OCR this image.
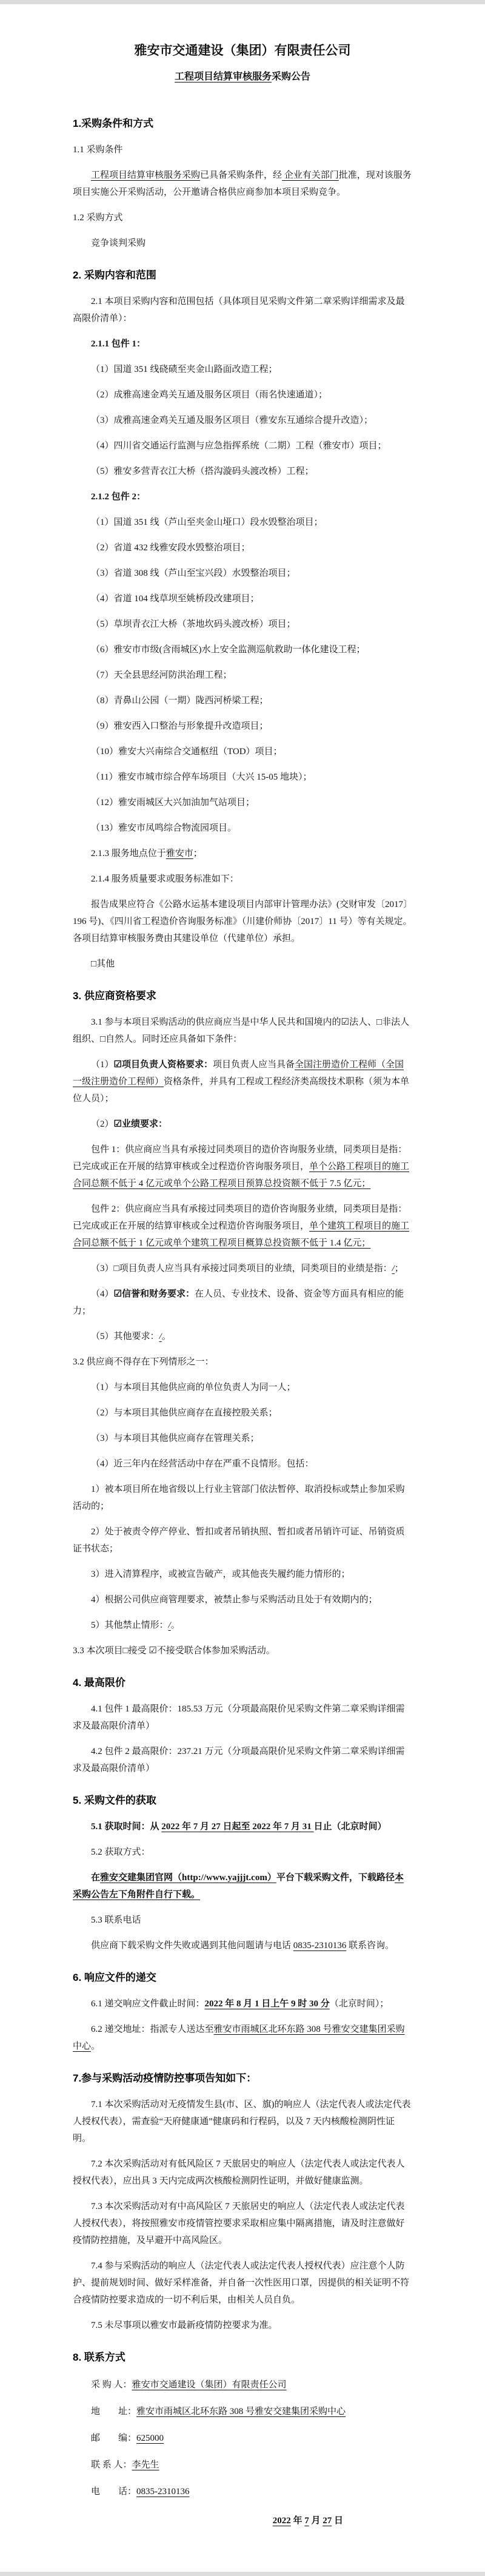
雅安市交通建设（集团）有限责任公司

工程项目结算审核服务采购公告

1.采购条件和方式

1.1 采购条件

工程项目结算审核服务采购已具备采购条件，经 企业有关部门批准，现对该服务项目实施公开采购活动，公开邀请合格供应商参加本项目采购竞争。

1.2 采购方式

竞争谈判采购

2. 采购内容和范围

2.1 本项目采购内容和范围包括（具体项目见采购文件第二章采购详细需求及最高限价清单）：

2.1.1 包件 1：

（1）国道 351 线硗碛至夹金山路面改造工程；

（2）成雅高速金鸡关互通及服务区项目（雨名快速通道）；

（3）成雅高速金鸡关互通及服务区项目（雅安东互通综合提升改造）；

（4）四川省交通运行监测与应急指挥系统（二期）工程（雅安市）项目；

（5）雅安多营青衣江大桥（搭沟漩码头渡改桥）工程；

2.1.2 包件 2：

（1）国道 351 线（芦山至夹金山垭口）段水毁整治项目；

（2）省道 432 线雅安段水毁整治项目；

（3）省道 308 线（芦山至宝兴段）水毁整治项目；

（4）省道 104 线草坝至姚桥段改建项目；

（5）草坝青衣江大桥（茶地坎码头渡改桥）项目；

（6）雅安市市级(含雨城区)水上安全监测巡航救助一体化建设工程；

（7）天全县思经河防洪治理工程；

（8）青鼻山公园（一期）陇西河桥梁工程；

（9）雅安西入口整治与形象提升改造项目；

（10）雅安大兴南综合交通枢纽（TOD）项目；

（11）雅安市城市综合停车场项目（大兴 15-05 地块）；

（12）雅安雨城区大兴加油加气站项目；

（13）雅安市凤鸣综合物流园项目。

2.1.3 服务地点位于雅安市；

2.1.4 服务质量要求或服务标准如下：

报告成果应符合《公路水运基本建设项目内部审计管理办法》(交财审发〔2017〕196 号)、《四川省工程造价咨询服务标准》（川建价师协〔2017〕11 号）等有关规定。各项目结算审核服务费由其建设单位（代建单位）承担。

□其他

3. 供应商资格要求

3.1 参与本项目采购活动的供应商应当是中华人民共和国境内的☑法人、□非法人组织、□自然人。同时还应具备如下条件：

（1）☑项目负责人资格要求：项目负责人应当具备全国注册造价工程师（全国一级注册造价工程师）资格条件，并具有工程或工程经济类高级技术职称（须为本单位人员）；

（2）☑业绩要求：

包件 1：供应商应当具有承接过同类项目的造价咨询服务业绩，同类项目是指：已完成或正在开展的结算审核或全过程造价咨询服务项目，单个公路工程项目的施工合同总额不低于 4 亿元或单个公路工程项目预算总投资额不低于 7.5 亿元；

包件 2：供应商应当具有承接过同类项目的造价咨询服务业绩，同类项目是指：已完成或正在开展的结算审核或全过程造价咨询服务项目，单个建筑工程项目的施工合同总额不低于 1 亿元或单个建筑工程项目概算总投资额不低于 1.4 亿元；

（3）□项目负责人应当具有承接过同类项目的业绩，同类项目的业绩是指：/；

（4）☑信誉和财务要求：在人员、专业技术、设备、资金等方面具有相应的能力；

（5）其他要求：/。

3.2 供应商不得存在下列情形之一：

（1）与本项目其他供应商的单位负责人为同一人；

（2）与本项目其他供应商存在直接控股关系；

（3）与本项目其他供应商存在管理关系；

（4）近三年内在经营活动中存在严重不良情形。包括：

1）被本项目所在地省级以上行业主管部门依法暂停、取消投标或禁止参加采购活动的；

2）处于被责令停产停业、暂扣或者吊销执照、暂扣或者吊销许可证、吊销资质证书状态；

3）进入清算程序，或被宣告破产，或其他丧失履约能力情形的；

4）根据公司供应商管理要求，被禁止参与采购活动且处于有效期内的；

5）其他禁止情形：/。

3.3 本次项目□接受 ☑不接受联合体参加采购活动。

4. 最高限价

4.1 包件 1 最高限价：185.53 万元（分项最高限价见采购文件第二章采购详细需求及最高限价清单）

4.2 包件 2 最高限价：237.21 万元（分项最高限价见采购文件第二章采购详细需求及最高限价清单）

5. 采购文件的获取

5.1 获取时间：从 2022 年 7 月 27 日起至 2022 年 7 月 31 日止（北京时间）

5.2 获取方式：

在雅安交建集团官网（http://www.yajjjt.com）平台下载采购文件，下载路径本采购公告左下角附件自行下载。

5.3 联系电话

供应商下载采购文件失败或遇到其他问题请与电话 0835-2310136 联系咨询。

6. 响应文件的递交

6.1 递交响应文件截止时间：2022 年 8 月 1 日上午 9 时 30 分（北京时间）；

6.2 递交地址：指派专人送达至雅安市雨城区北环东路 308 号雅安交建集团采购中心。

7.参与采购活动疫情防控事项告知如下：

7.1 本次采购活动对无疫情发生县(市、区、旗)的响应人（法定代表人或法定代表人授权代表），需查验“天府健康通”健康码和行程码，以及 7 天内核酸检测阴性证明。

7.2 本次采购活动对有低风险区 7 天旅居史的响应人（法定代表人或法定代表人授权代表），应出具 3 天内完成两次核酸检测阴性证明，并做好健康监测。

7.3 本次采购活动对有中高风险区 7 天旅居史的响应人（法定代表人或法定代表人授权代表），将按照雅安市疫情管控要求采取相应集中隔离措施，请及时注意做好疫情防控措施，及早避开中高风险区。

7.4 参与采购活动的响应人（法定代表人或法定代表人授权代表）应注意个人防护、提前规划时间、做好采样准备，并自备一次性医用口罩，因提供的相关证明不符合疫情防控要求造成的一切不利后果，由相关人员自负。

7.5 未尽事项以雅安市最新疫情防控要求为准。

8. 联系方式

采 购 人：雅安市交通建设（集团）有限责任公司

地　　址：雅安市雨城区北环东路 308 号雅安交建集团采购中心

邮　　编：625000

联 系 人：李先生

电　　话：0835-2310136

2022 年 7 月 27 日
